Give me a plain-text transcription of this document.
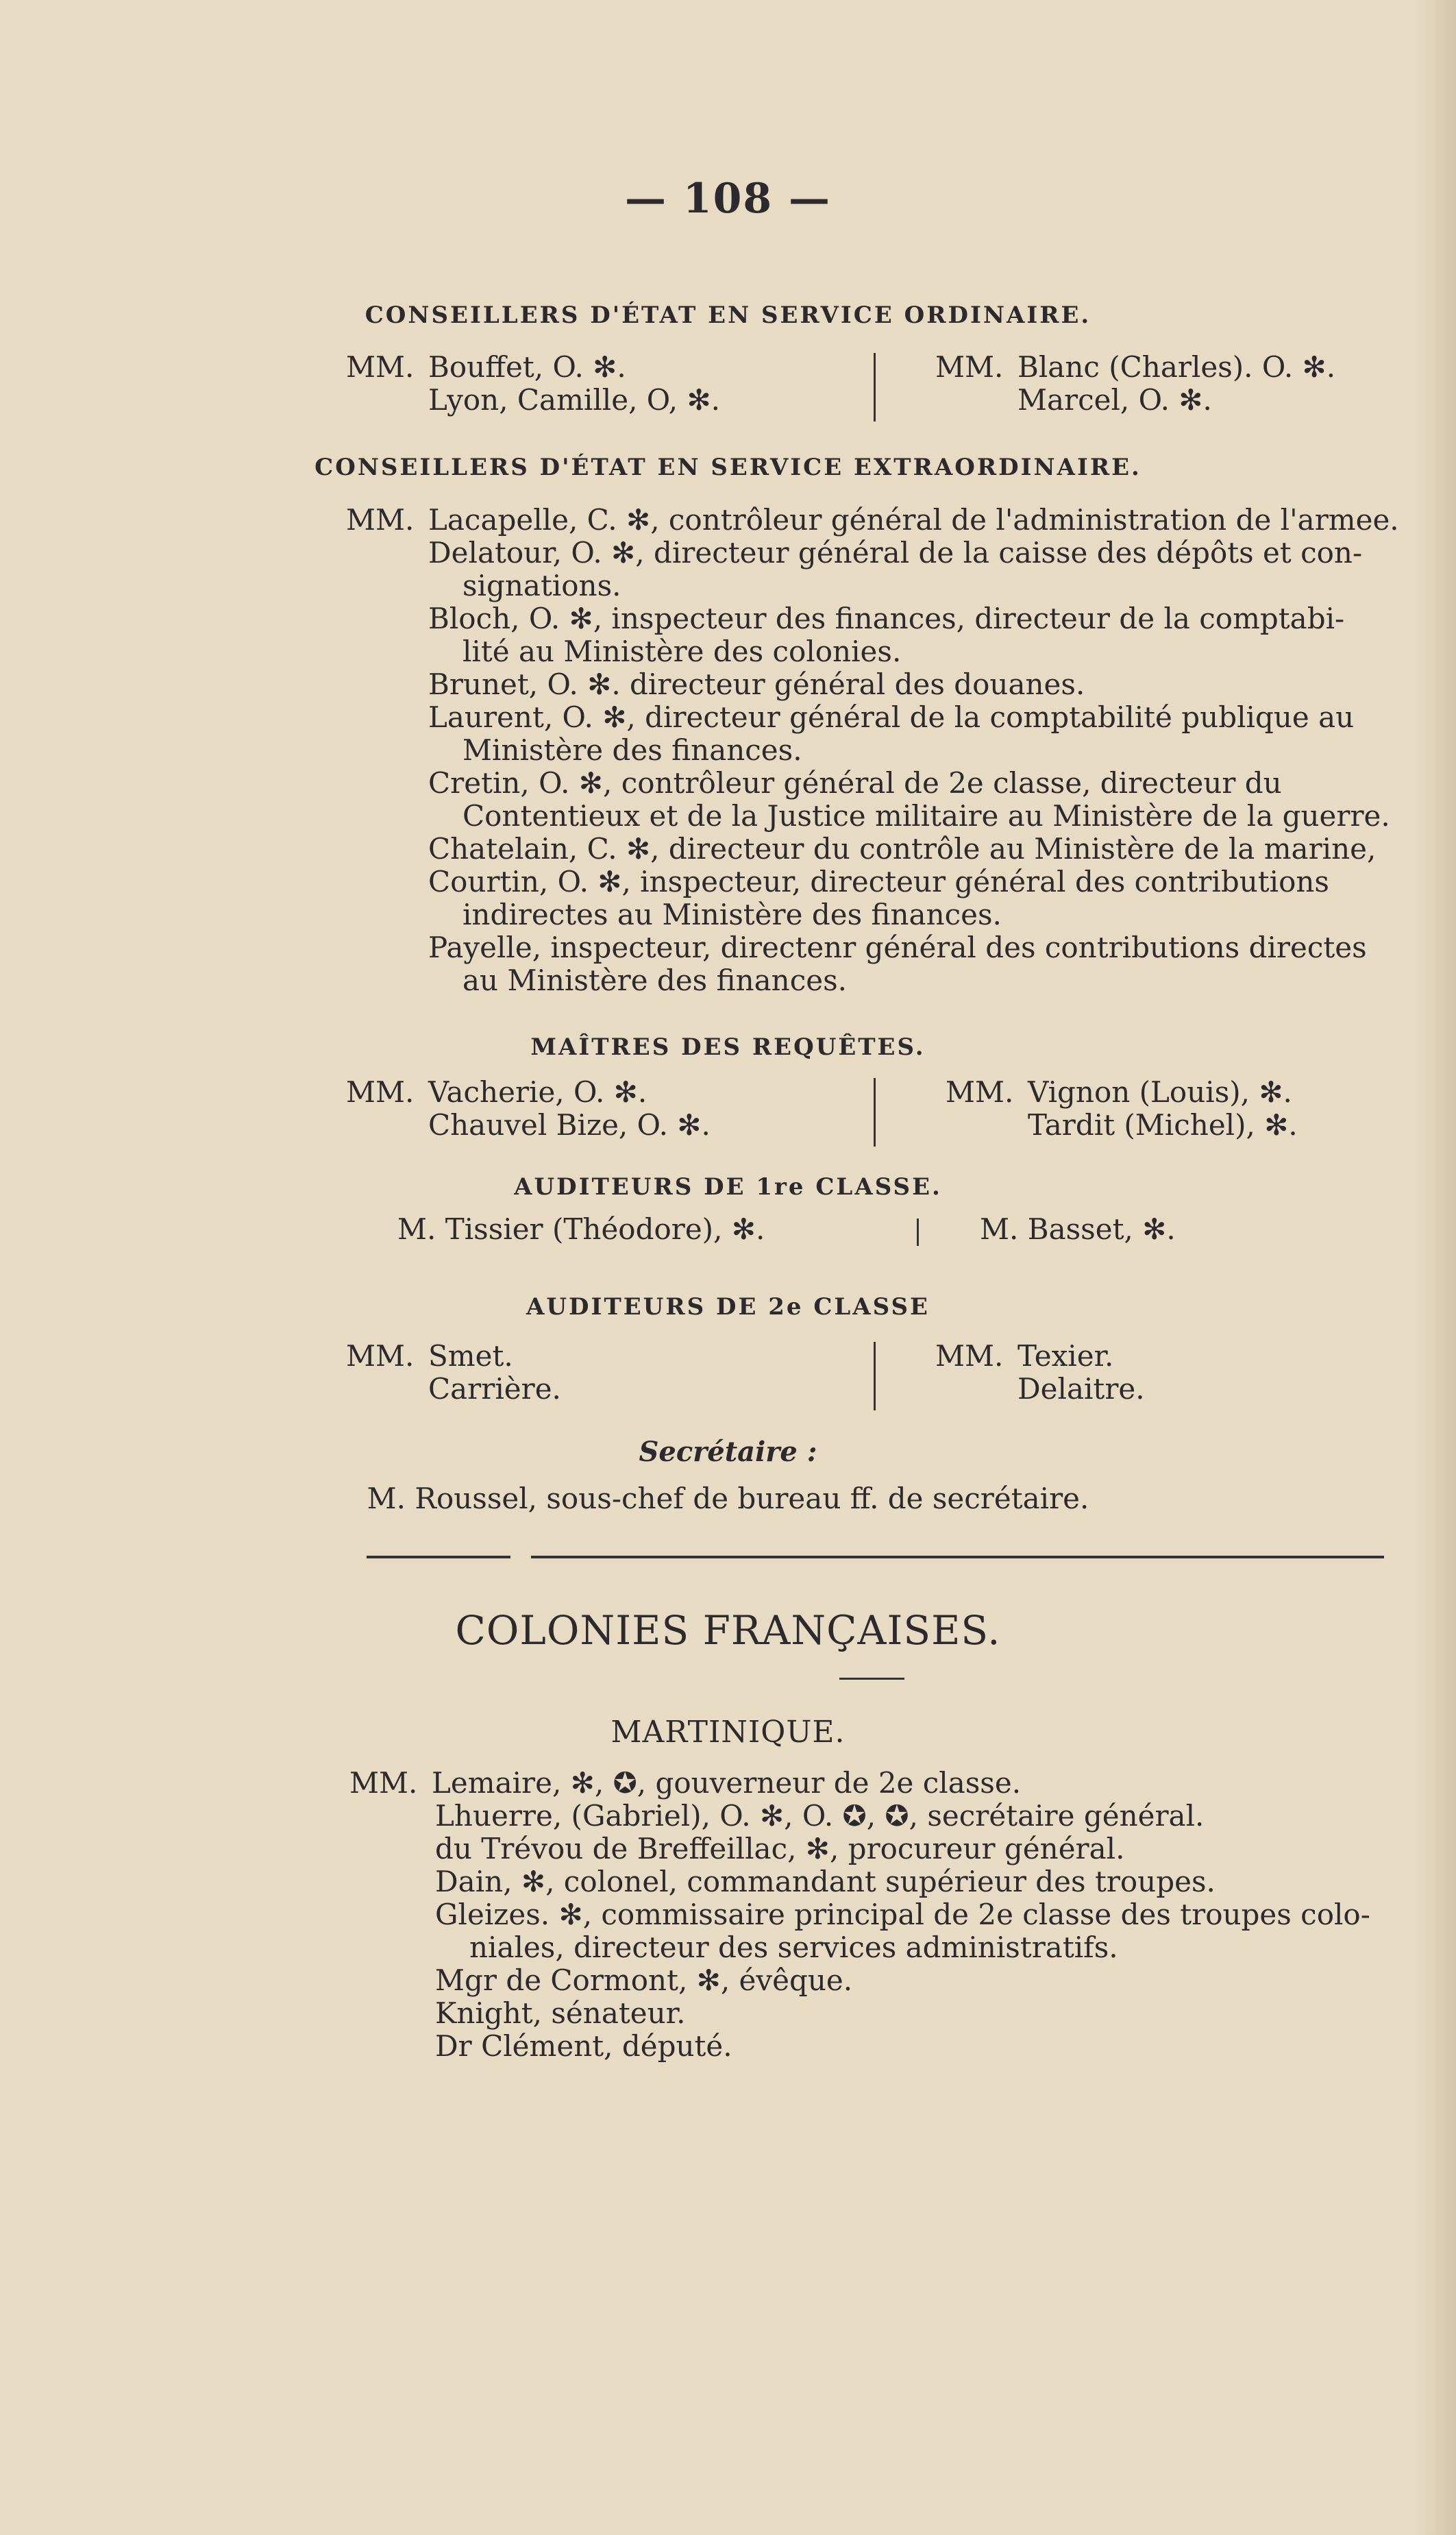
— 108 —
CONSEILLERS D'ÉTAT EN SERVICE ORDINAIRE.
MM. Bouffet, O. ✻.
Lyon, Camille, O, ✻.
MM. Blanc (Charles). O. ✻.
Marcel, O. ✻.
CONSEILLERS D'ÉTAT EN SERVICE EXTRAORDINAIRE.
MM. Lacapelle, C. ✻, contrôleur général de l'administration de l'armee.
Delatour, O. ✻, directeur général de la caisse des dépôts et con-
signations.
Bloch, O. ✻, inspecteur des finances, directeur de la comptabi-
lité au Ministère des colonies.
Brunet, O. ✻. directeur général des douanes.
Laurent, O. ✻, directeur général de la comptabilité publique au
Ministère des finances.
Cretin, O. ✻, contrôleur général de 2e classe, directeur du
Contentieux et de la Justice militaire au Ministère de la guerre.
Chatelain, C. ✻, directeur du contrôle au Ministère de la marine,
Courtin, O. ✻, inspecteur, directeur général des contributions
indirectes au Ministère des finances.
Payelle, inspecteur, directenr général des contributions directes
au Ministère des finances.
MAÎTRES DES REQUÊTES.
MM. Vacherie, O. ✻.
Chauvel Bize, O. ✻.
MM. Vignon (Louis), ✻.
Tardit (Michel), ✻.
AUDITEURS DE 1re CLASSE.
M. Tissier (Théodore), ✻.	M. Basset, ✻.
AUDITEURS DE 2e CLASSE
MM. Smet.
Carrière.
MM. Texier.
Delaitre.
Secrétaire :
M. Roussel, sous-chef de bureau ff. de secrétaire.
COLONIES FRANÇAISES.
MARTINIQUE.
MM. Lemaire, ✻, ✪, gouverneur de 2e classe.
Lhuerre, (Gabriel), O. ✻, O. ✪, ✪, secrétaire général.
du Trévou de Breffeillac, ✻, procureur général.
Dain, ✻, colonel, commandant supérieur des troupes.
Gleizes. ✻, commissaire principal de 2e classe des troupes colo-
niales, directeur des services administratifs.
Mgr de Cormont, ✻, évêque.
Knight, sénateur.
Dr Clément, député.
